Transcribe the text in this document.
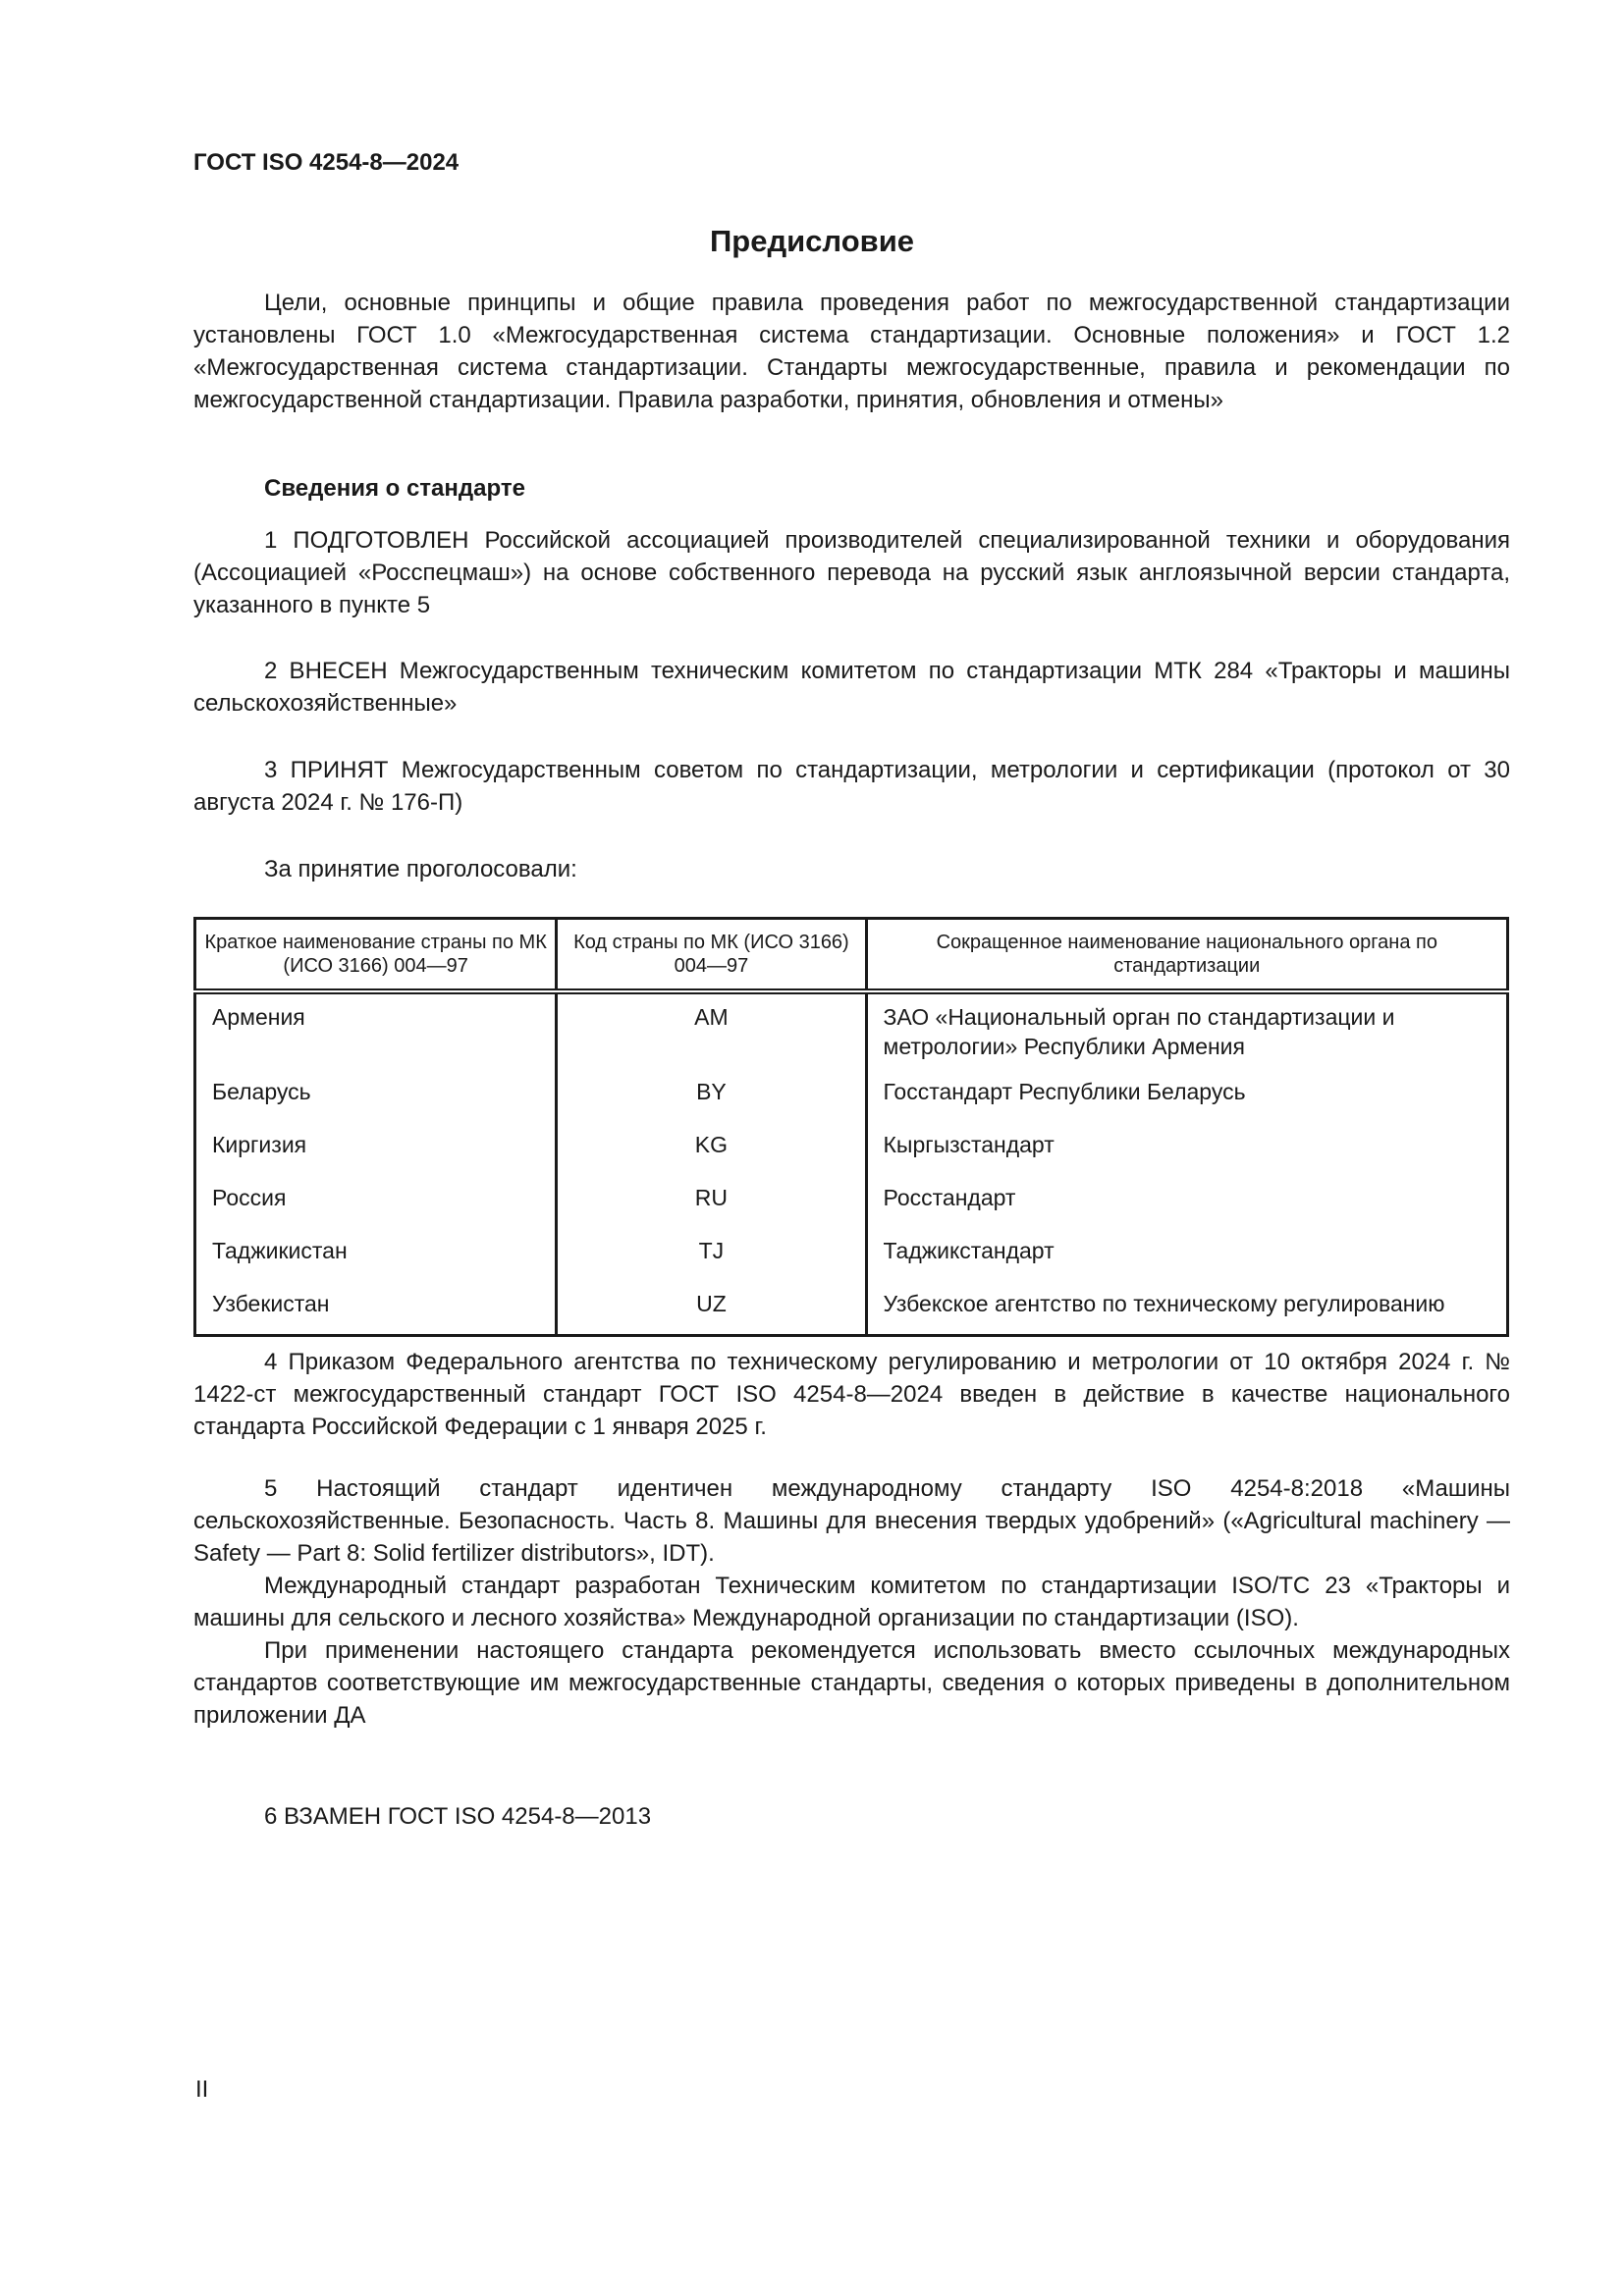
ГОСТ ISO 4254-8—2024
Предисловие

Цели, основные принципы и общие правила проведения работ по межгосударственной стандартизации установлены ГОСТ 1.0 «Межгосударственная система стандартизации. Основные положения» и ГОСТ 1.2 «Межгосударственная система стандартизации. Стандарты межгосударственные, правила и рекомендации по межгосударственной стандартизации. Правила разработки, принятия, обновления и отмены»

Сведения о стандарте

1 ПОДГОТОВЛЕН Российской ассоциацией производителей специализированной техники и оборудования (Ассоциацией «Росспецмаш») на основе собственного перевода на русский язык англоязычной версии стандарта, указанного в пункте 5

2 ВНЕСЕН Межгосударственным техническим комитетом по стандартизации МТК 284 «Тракторы и машины сельскохозяйственные»

3 ПРИНЯТ Межгосударственным советом по стандартизации, метрологии и сертификации (протокол от 30 августа 2024 г. № 176-П)

За принятие проголосовали:

Краткое наименование страны по МК (ИСО 3166) 004—97	Код страны по МК (ИСО 3166) 004—97	Сокращенное наименование национального органа по стандартизации
Армения	AM	ЗАО «Национальный орган по стандартизации и метрологии» Республики Армения
Беларусь	BY	Госстандарт Республики Беларусь
Киргизия	KG	Кыргызстандарт
Россия	RU	Росстандарт
Таджикистан	TJ	Таджикстандарт
Узбекистан	UZ	Узбекское агентство по техническому регулированию

4 Приказом Федерального агентства по техническому регулированию и метрологии от 10 октября 2024 г. № 1422-ст межгосударственный стандарт ГОСТ ISO 4254-8—2024 введен в действие в качестве национального стандарта Российской Федерации с 1 января 2025 г.

5 Настоящий стандарт идентичен международному стандарту ISO 4254-8:2018 «Машины сельскохозяйственные. Безопасность. Часть 8. Машины для внесения твердых удобрений» («Agricultural machinery — Safety — Part 8: Solid fertilizer distributors», IDT).

Международный стандарт разработан Техническим комитетом по стандартизации ISO/TC 23 «Тракторы и машины для сельского и лесного хозяйства» Международной организации по стандартизации (ISO).

При применении настоящего стандарта рекомендуется использовать вместо ссылочных международных стандартов соответствующие им межгосударственные стандарты, сведения о которых приведены в дополнительном приложении ДА

6 ВЗАМЕН ГОСТ ISO 4254-8—2013

II
